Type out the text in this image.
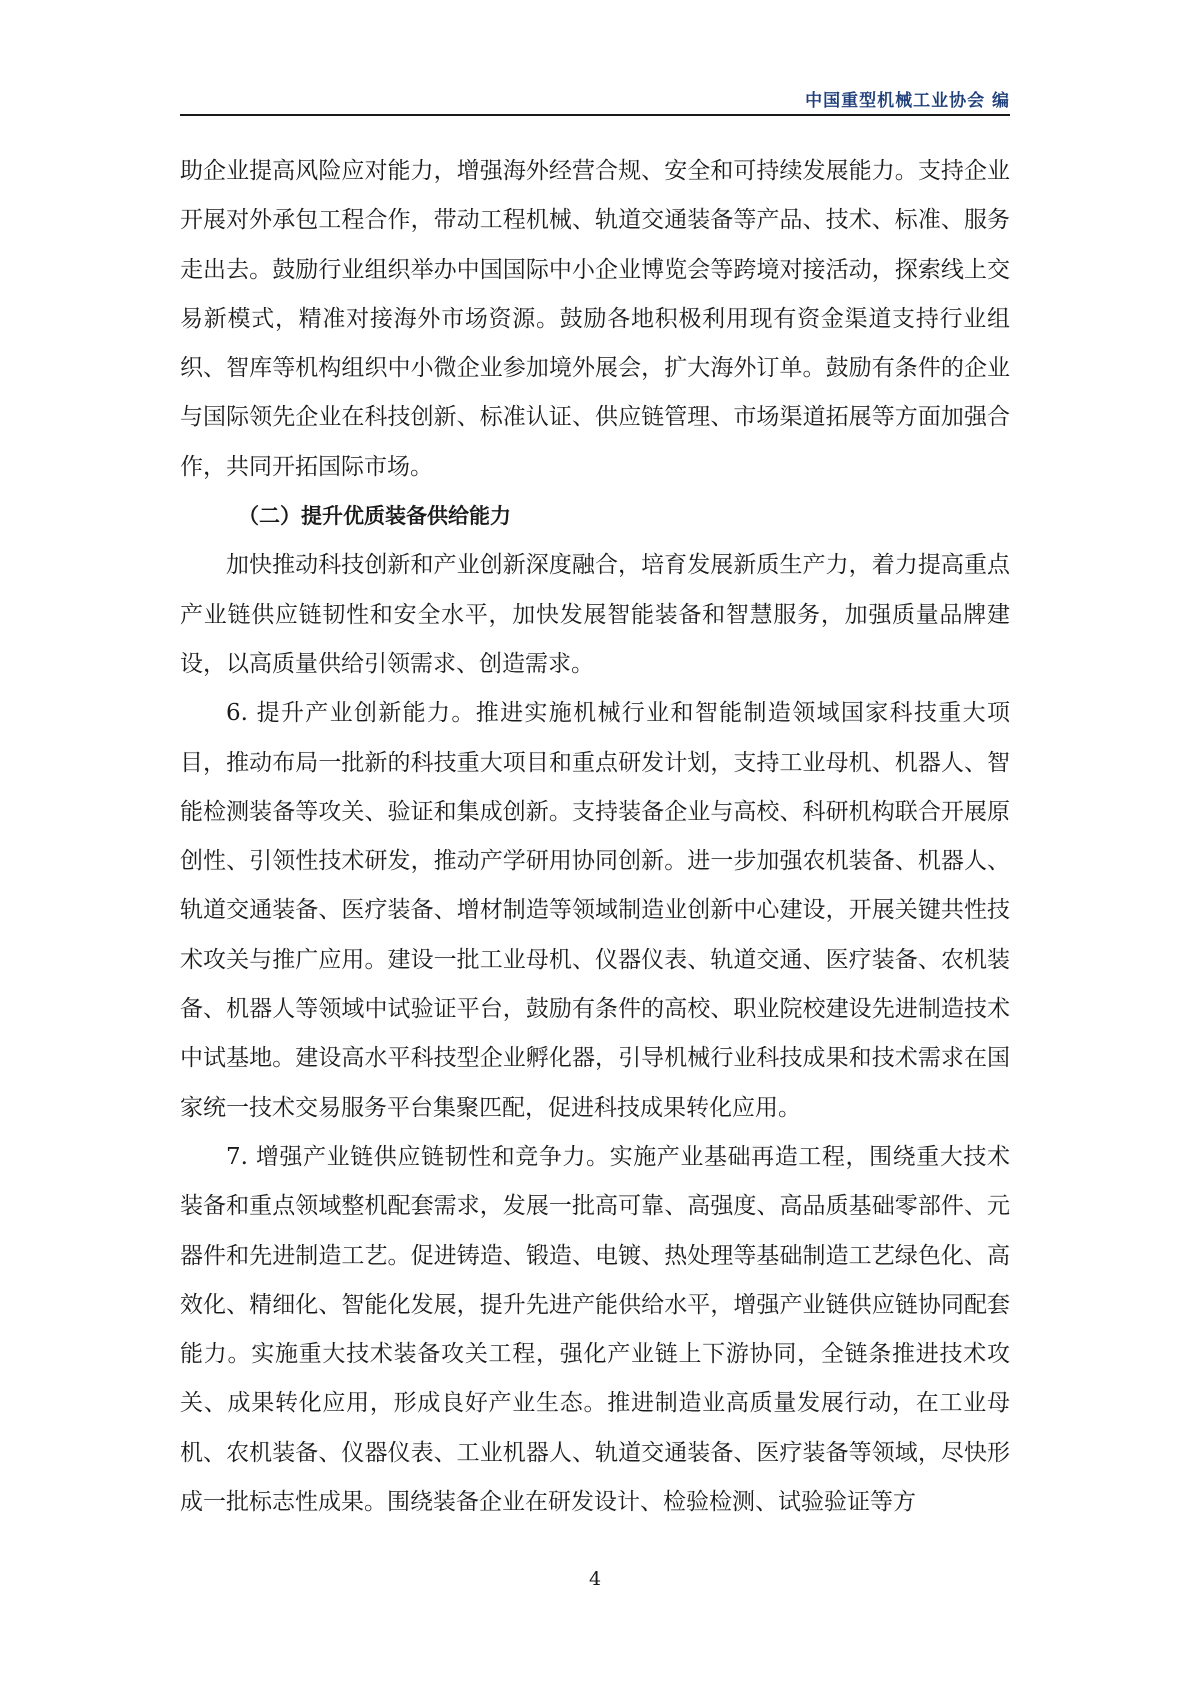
中国重型机械工业协会 编

助企业提高风险应对能力，增强海外经营合规、安全和可持续发展能力。支持企业开展对外承包工程合作，带动工程机械、轨道交通装备等产品、技术、标准、服务走出去。鼓励行业组织举办中国国际中小企业博览会等跨境对接活动，探索线上交易新模式，精准对接海外市场资源。鼓励各地积极利用现有资金渠道支持行业组织、智库等机构组织中小微企业参加境外展会，扩大海外订单。鼓励有条件的企业与国际领先企业在科技创新、标准认证、供应链管理、市场渠道拓展等方面加强合作，共同开拓国际市场。

（二）提升优质装备供给能力

加快推动科技创新和产业创新深度融合，培育发展新质生产力，着力提高重点产业链供应链韧性和安全水平，加快发展智能装备和智慧服务，加强质量品牌建设，以高质量供给引领需求、创造需求。

6. 提升产业创新能力。推进实施机械行业和智能制造领域国家科技重大项目，推动布局一批新的科技重大项目和重点研发计划，支持工业母机、机器人、智能检测装备等攻关、验证和集成创新。支持装备企业与高校、科研机构联合开展原创性、引领性技术研发，推动产学研用协同创新。进一步加强农机装备、机器人、轨道交通装备、医疗装备、增材制造等领域制造业创新中心建设，开展关键共性技术攻关与推广应用。建设一批工业母机、仪器仪表、轨道交通、医疗装备、农机装备、机器人等领域中试验证平台，鼓励有条件的高校、职业院校建设先进制造技术中试基地。建设高水平科技型企业孵化器，引导机械行业科技成果和技术需求在国家统一技术交易服务平台集聚匹配，促进科技成果转化应用。

7. 增强产业链供应链韧性和竞争力。实施产业基础再造工程，围绕重大技术装备和重点领域整机配套需求，发展一批高可靠、高强度、高品质基础零部件、元器件和先进制造工艺。促进铸造、锻造、电镀、热处理等基础制造工艺绿色化、高效化、精细化、智能化发展，提升先进产能供给水平，增强产业链供应链协同配套能力。实施重大技术装备攻关工程，强化产业链上下游协同，全链条推进技术攻关、成果转化应用，形成良好产业生态。推进制造业高质量发展行动，在工业母机、农机装备、仪器仪表、工业机器人、轨道交通装备、医疗装备等领域，尽快形成一批标志性成果。围绕装备企业在研发设计、检验检测、试验验证等方

4
